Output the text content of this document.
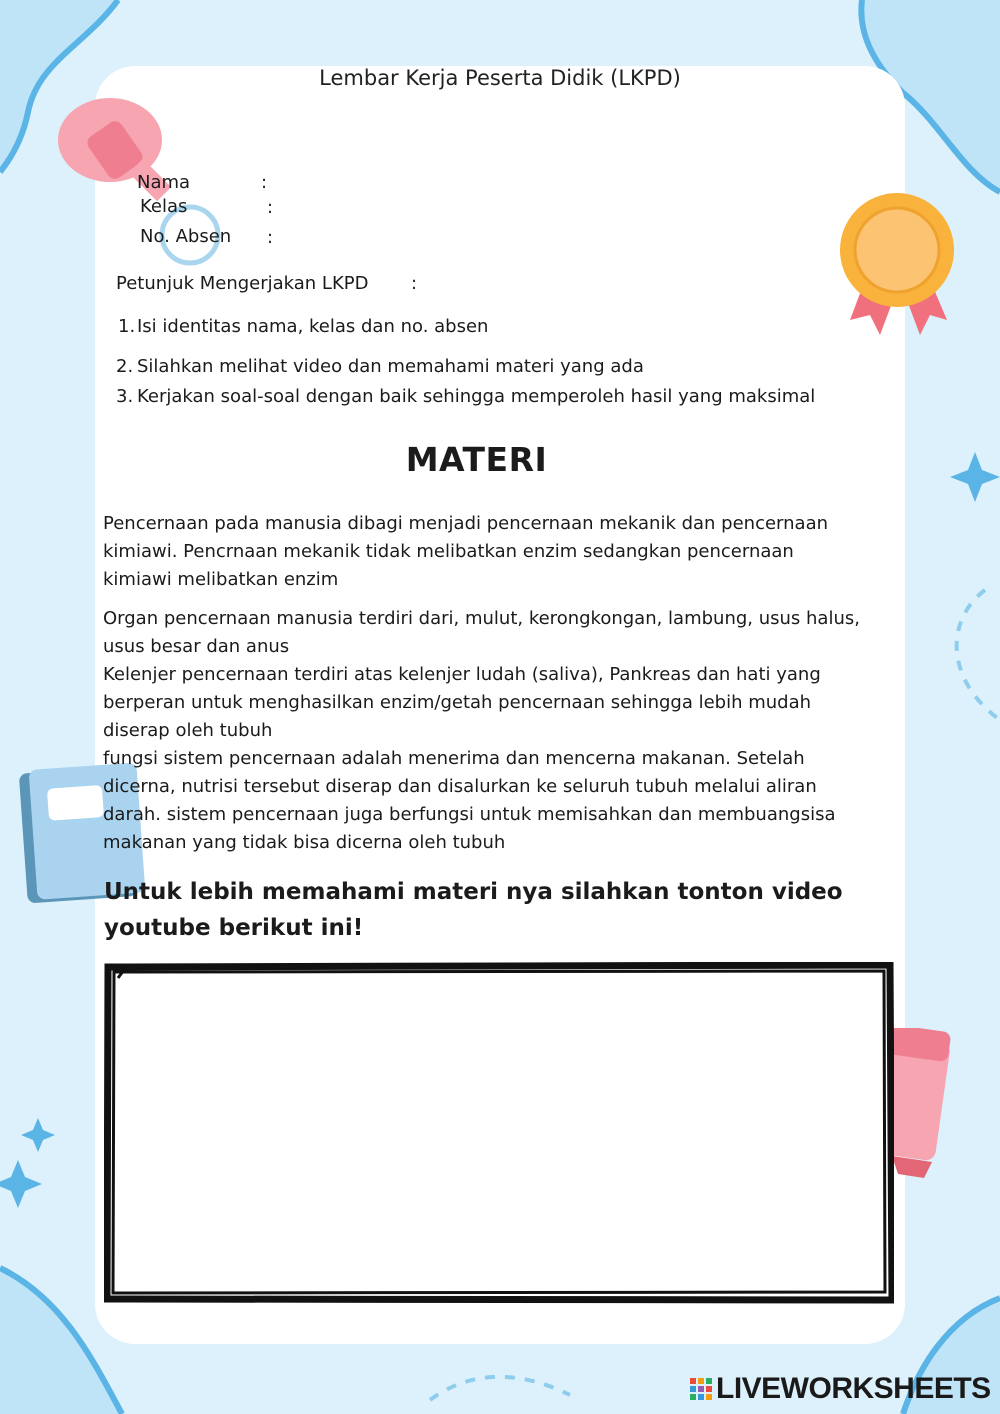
Lembar Kerja Peserta Didik (LKPD)
Nama	:
Kelas	:
No. Absen :
Petunjuk Mengerjakan LKPD :
1. Isi identitas nama, kelas dan no. absen
2. Silahkan melihat video dan memahami materi yang ada
3. Kerjakan soal-soal dengan baik sehingga memperoleh hasil yang maksimal
MATERI
Pencernaan pada manusia dibagi menjadi pencernaan mekanik dan pencernaan
kimiawi. Pencrnaan mekanik tidak melibatkan enzim sedangkan pencernaan
kimiawi melibatkan enzim
Organ pencernaan manusia terdiri dari, mulut, kerongkongan, lambung, usus halus,
usus besar dan anus
Kelenjer pencernaan terdiri atas kelenjer ludah (saliva), Pankreas dan hati yang
berperan untuk menghasilkan enzim/getah pencernaan sehingga lebih mudah
diserap oleh tubuh
fungsi sistem pencernaan adalah menerima dan mencerna makanan. Setelah
dicerna, nutrisi tersebut diserap dan disalurkan ke seluruh tubuh melalui aliran
darah. sistem pencernaan juga berfungsi untuk memisahkan dan membuangsisa
makanan yang tidak bisa dicerna oleh tubuh
Untuk lebih memahami materi nya silahkan tonton video
youtube berikut ini!
LIVEWORKSHEETS
